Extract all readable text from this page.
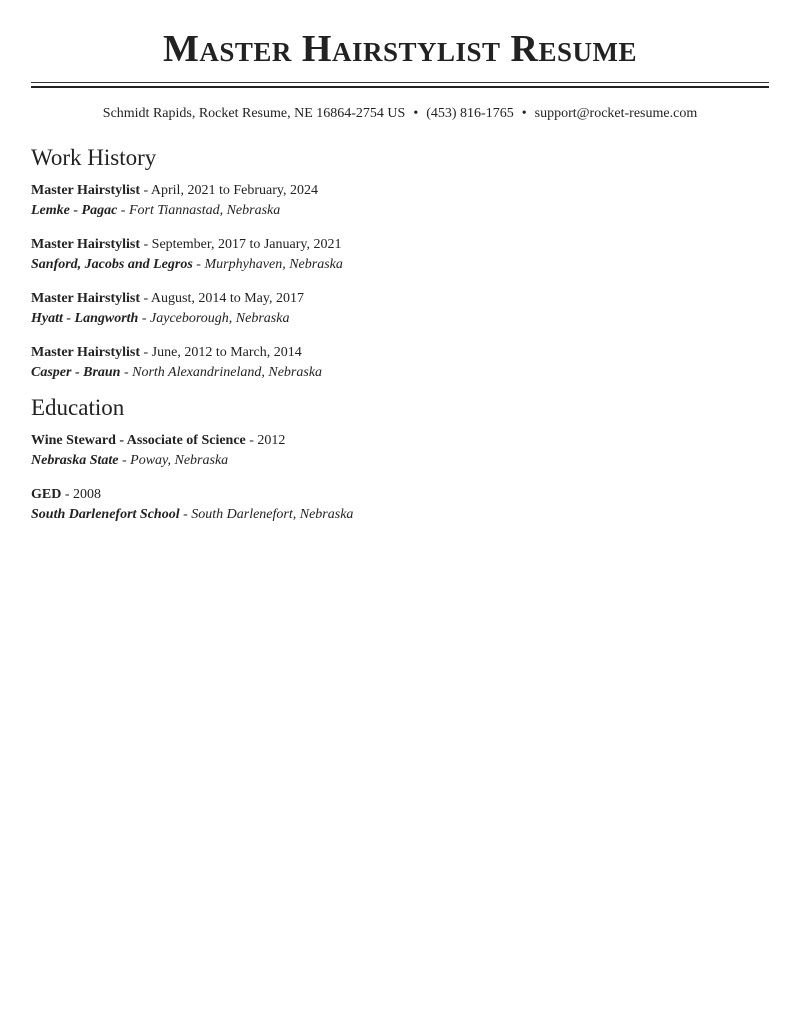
Master Hairstylist Resume
Schmidt Rapids, Rocket Resume, NE 16864-2754 US • (453) 816-1765 • support@rocket-resume.com
Work History
Master Hairstylist - April, 2021 to February, 2024
Lemke - Pagac - Fort Tiannastad, Nebraska
Master Hairstylist - September, 2017 to January, 2021
Sanford, Jacobs and Legros - Murphyhaven, Nebraska
Master Hairstylist - August, 2014 to May, 2017
Hyatt - Langworth - Jayceborough, Nebraska
Master Hairstylist - June, 2012 to March, 2014
Casper - Braun - North Alexandrineland, Nebraska
Education
Wine Steward - Associate of Science - 2012
Nebraska State - Poway, Nebraska
GED - 2008
South Darlenefort School - South Darlenefort, Nebraska
